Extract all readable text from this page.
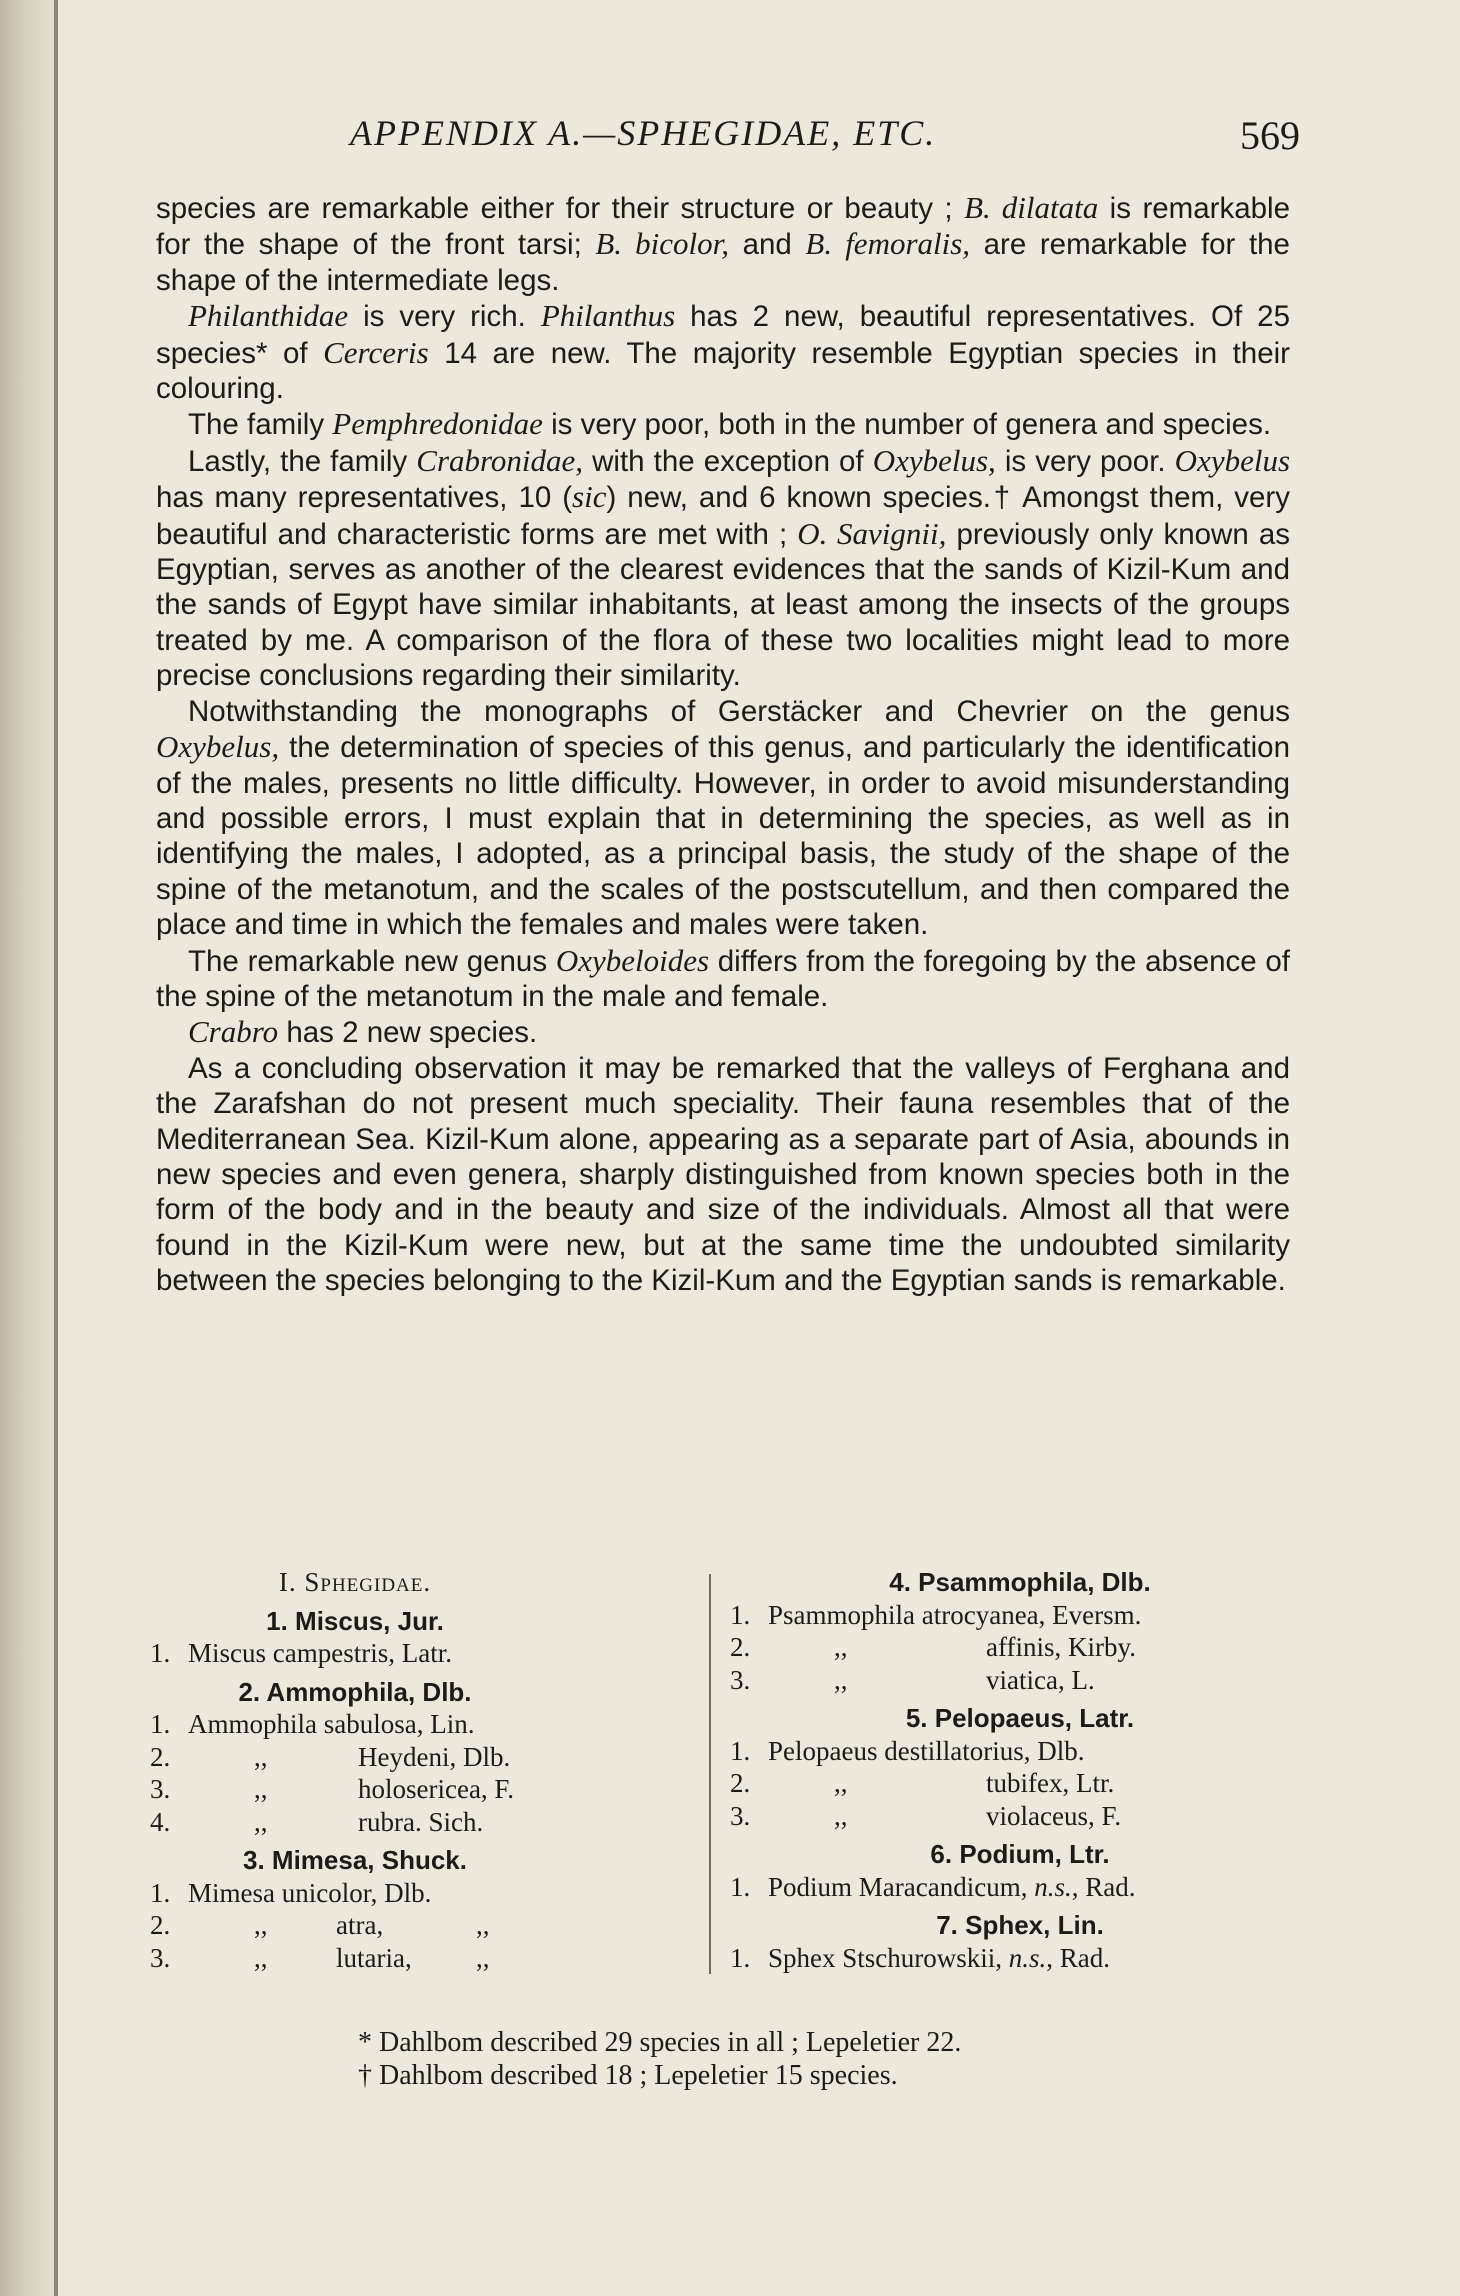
APPENDIX A.—SPHEGIDAE, ETC.	569

species are remarkable either for their structure or beauty ; B. dilatata is remarkable for the shape of the front tarsi; B. bicolor, and B. femoralis, are remarkable for the shape of the intermediate legs.

Philanthidae is very rich. Philanthus has 2 new, beautiful representatives. Of 25 species* of Cerceris 14 are new. The majority resemble Egyptian species in their colouring.

The family Pemphredonidae is very poor, both in the number of genera and species.

Lastly, the family Crabronidae, with the exception of Oxybelus, is very poor. Oxybelus has many representatives, 10 (sic) new, and 6 known species.† Amongst them, very beautiful and characteristic forms are met with ; O. Savignii, previously only known as Egyptian, serves as another of the clearest evidences that the sands of Kizil-Kum and the sands of Egypt have similar inhabitants, at least among the insects of the groups treated by me. A comparison of the flora of these two localities might lead to more precise conclusions regarding their similarity.

Notwithstanding the monographs of Gerstäcker and Chevrier on the genus Oxybelus, the determination of species of this genus, and particularly the identification of the males, presents no little difficulty. However, in order to avoid misunderstanding and possible errors, I must explain that in determining the species, as well as in identifying the males, I adopted, as a principal basis, the study of the shape of the spine of the metanotum, and the scales of the postscutellum, and then compared the place and time in which the females and males were taken.

The remarkable new genus Oxybeloides differs from the foregoing by the absence of the spine of the metanotum in the male and female.

Crabro has 2 new species.

As a concluding observation it may be remarked that the valleys of Ferghana and the Zarafshan do not present much speciality. Their fauna resembles that of the Mediterranean Sea. Kizil-Kum alone, appearing as a separate part of Asia, abounds in new species and even genera, sharply distinguished from known species both in the form of the body and in the beauty and size of the individuals. Almost all that were found in the Kizil-Kum were new, but at the same time the undoubted similarity between the species belonging to the Kizil-Kum and the Egyptian sands is remarkable.

I. Sphegidae.
1. Miscus, Jur.
1. Miscus campestris, Latr.
2. Ammophila, Dlb.
1. Ammophila sabulosa, Lin.
2.	,,	Heydeni, Dlb.
3.	,,	holosericea, F.
4.	,,	rubra. Sich.
3. Mimesa, Shuck.
1. Mimesa unicolor, Dlb.
2.	,,	atra,	,,
3.	,,	lutaria,	,,
4. Psammophila, Dlb.
1. Psammophila atrocyanea, Eversm.
2.	,,	affinis, Kirby.
3.	,,	viatica, L.
5. Pelopaeus, Latr.
1. Pelopaeus destillatorius, Dlb.
2.	,,	tubifex, Ltr.
3.	,,	violaceus, F.
6. Podium, Ltr.
1. Podium Maracandicum, n.s., Rad.
7. Sphex, Lin.
1. Sphex Stschurowskii, n.s., Rad.
* Dahlbom described 29 species in all ; Lepeletier 22.
† Dahlbom described 18 ; Lepeletier 15 species.
